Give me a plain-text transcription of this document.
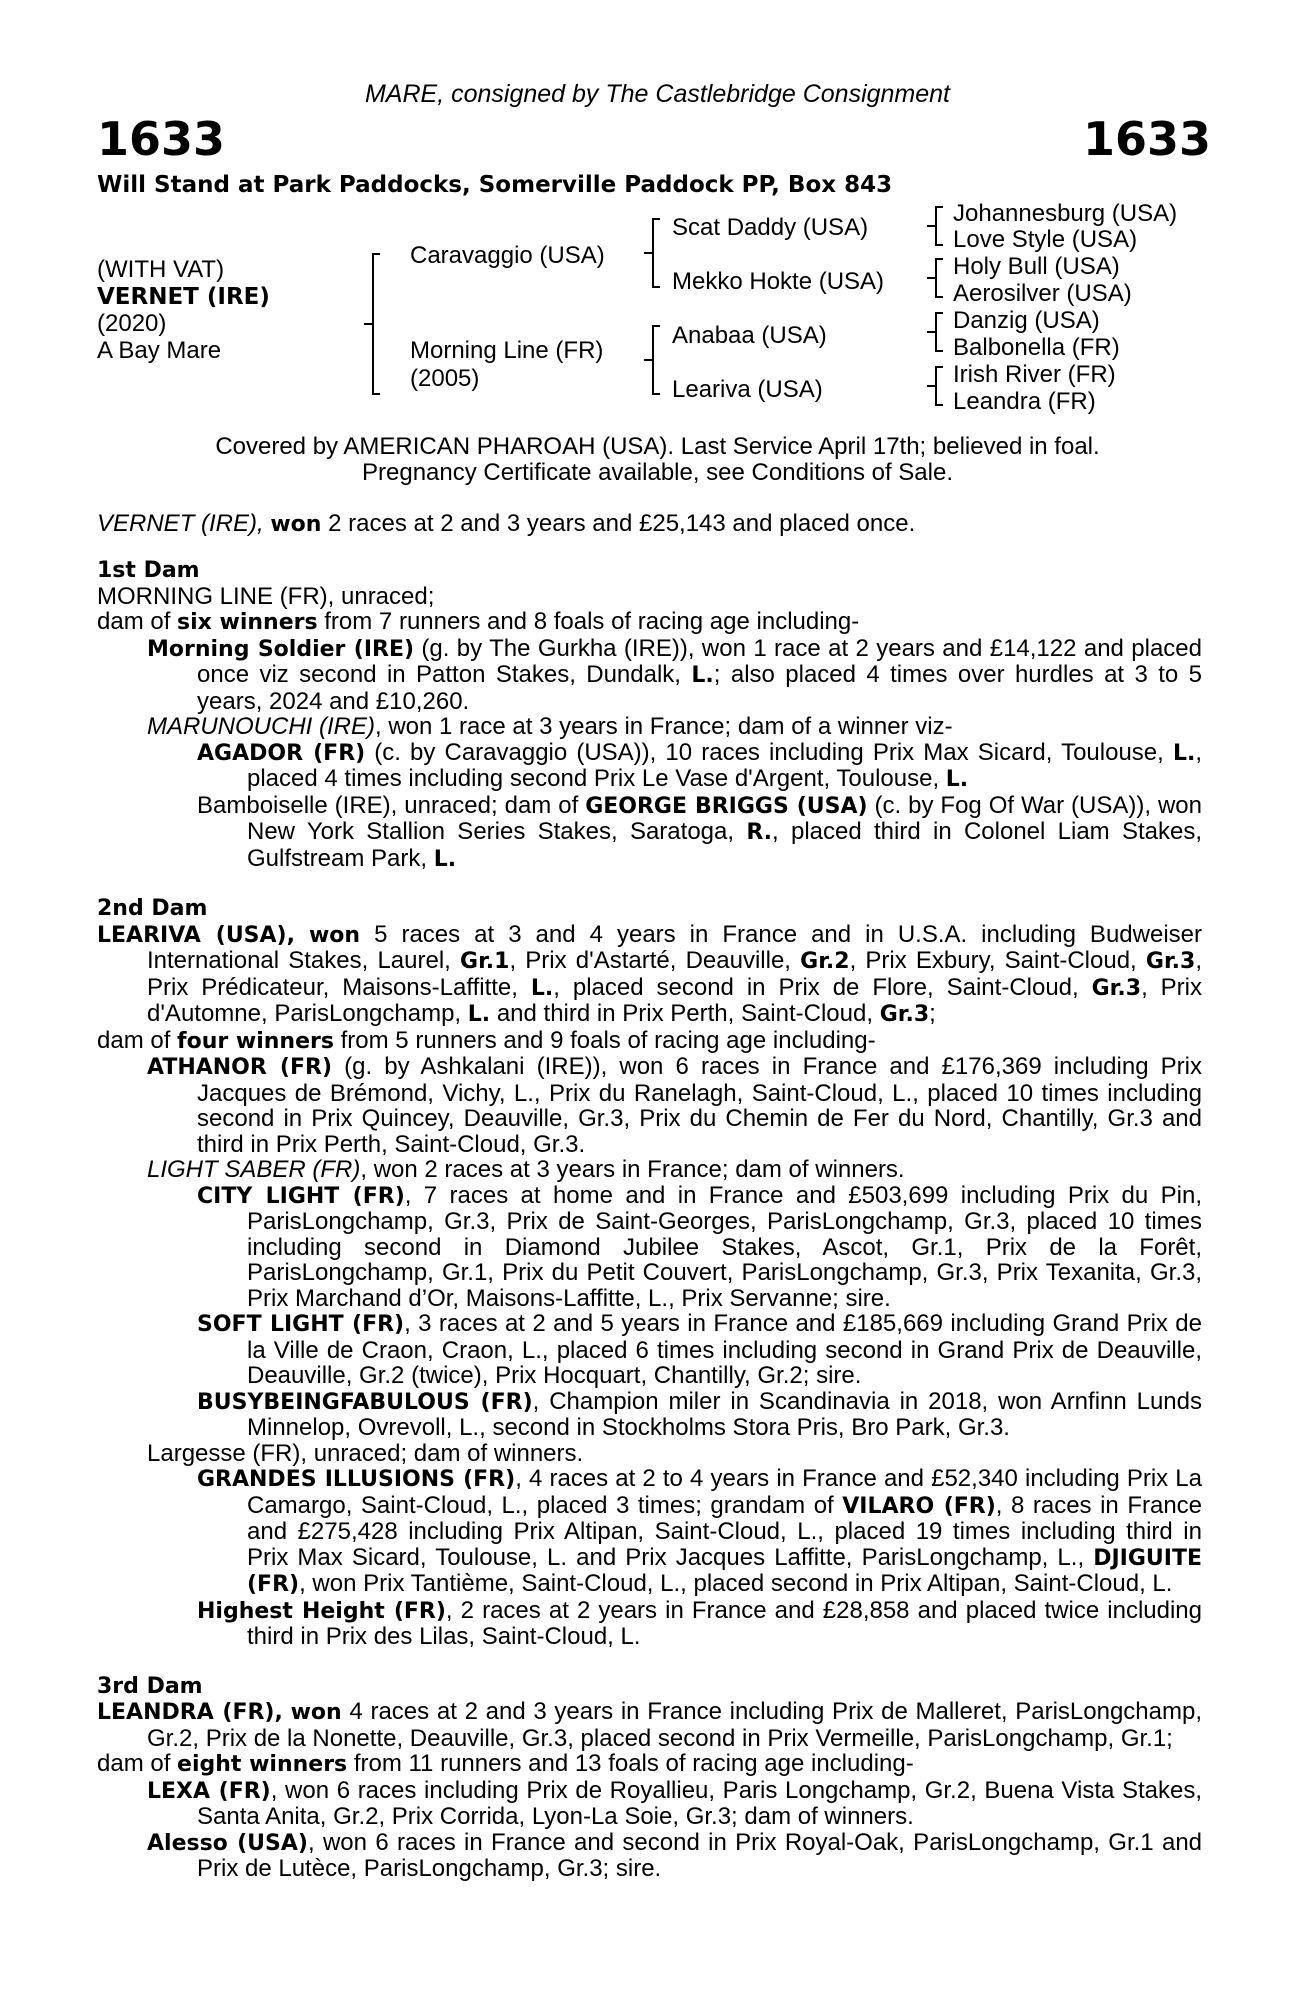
MARE, consigned by The Castlebridge Consignment
1633	1633
Will Stand at Park Paddocks, Somerville Paddock PP, Box 843
(WITH VAT)
VERNET (IRE)
(2020)
A Bay Mare
Caravaggio (USA)
Morning Line (FR)
(2005)
Scat Daddy (USA)
Mekko Hokte (USA)
Anabaa (USA)
Leariva (USA)
Johannesburg (USA)
Love Style (USA)
Holy Bull (USA)
Aerosilver (USA)
Danzig (USA)
Balbonella (FR)
Irish River (FR)
Leandra (FR)
Covered by AMERICAN PHAROAH (USA). Last Service April 17th; believed in foal.
Pregnancy Certificate available, see Conditions of Sale.
VERNET (IRE), won 2 races at 2 and 3 years and £25,143 and placed once.

1st Dam

MORNING LINE (FR), unraced;

dam of six winners from 7 runners and 8 foals of racing age including-

Morning Soldier (IRE) (g. by The Gurkha (IRE)), won 1 race at 2 years and £14,122 and placed once viz second in Patton Stakes, Dundalk, L.; also placed 4 times over hurdles at 3 to 5 years, 2024 and £10,260.

MARUNOUCHI (IRE), won 1 race at 3 years in France; dam of a winner viz-

AGADOR (FR) (c. by Caravaggio (USA)), 10 races including Prix Max Sicard, Toulouse, L., placed 4 times including second Prix Le Vase d'Argent, Toulouse, L.

Bamboiselle (IRE), unraced; dam of GEORGE BRIGGS (USA) (c. by Fog Of War (USA)), won New York Stallion Series Stakes, Saratoga, R., placed third in Colonel Liam Stakes, Gulfstream Park, L.

2nd Dam

LEARIVA (USA), won 5 races at 3 and 4 years in France and in U.S.A. including Budweiser International Stakes, Laurel, Gr.1, Prix d'Astarté, Deauville, Gr.2, Prix Exbury, Saint-Cloud, Gr.3, Prix Prédicateur, Maisons-Laffitte, L., placed second in Prix de Flore, Saint-Cloud, Gr.3, Prix d'Automne, ParisLongchamp, L. and third in Prix Perth, Saint-Cloud, Gr.3;

dam of four winners from 5 runners and 9 foals of racing age including-

ATHANOR (FR) (g. by Ashkalani (IRE)), won 6 races in France and £176,369 including Prix Jacques de Brémond, Vichy, L., Prix du Ranelagh, Saint-Cloud, L., placed 10 times including second in Prix Quincey, Deauville, Gr.3, Prix du Chemin de Fer du Nord, Chantilly, Gr.3 and third in Prix Perth, Saint-Cloud, Gr.3.

LIGHT SABER (FR), won 2 races at 3 years in France; dam of winners.

CITY LIGHT (FR), 7 races at home and in France and £503,699 including Prix du Pin, ParisLongchamp, Gr.3, Prix de Saint-Georges, ParisLongchamp, Gr.3, placed 10 times including second in Diamond Jubilee Stakes, Ascot, Gr.1, Prix de la Forêt, ParisLongchamp, Gr.1, Prix du Petit Couvert, ParisLongchamp, Gr.3, Prix Texanita, Gr.3, Prix Marchand d’Or, Maisons-Laffitte, L., Prix Servanne; sire.

SOFT LIGHT (FR), 3 races at 2 and 5 years in France and £185,669 including Grand Prix de la Ville de Craon, Craon, L., placed 6 times including second in Grand Prix de Deauville, Deauville, Gr.2 (twice), Prix Hocquart, Chantilly, Gr.2; sire.

BUSYBEINGFABULOUS (FR), Champion miler in Scandinavia in 2018, won Arnfinn Lunds Minnelop, Ovrevoll, L., second in Stockholms Stora Pris, Bro Park, Gr.3.

Largesse (FR), unraced; dam of winners.

GRANDES ILLUSIONS (FR), 4 races at 2 to 4 years in France and £52,340 including Prix La Camargo, Saint-Cloud, L., placed 3 times; grandam of VILARO (FR), 8 races in France and £275,428 including Prix Altipan, Saint-Cloud, L., placed 19 times including third in Prix Max Sicard, Toulouse, L. and Prix Jacques Laffitte, ParisLongchamp, L., DJIGUITE (FR), won Prix Tantième, Saint-Cloud, L., placed second in Prix Altipan, Saint-Cloud, L.

Highest Height (FR), 2 races at 2 years in France and £28,858 and placed twice including third in Prix des Lilas, Saint-Cloud, L.

3rd Dam

LEANDRA (FR), won 4 races at 2 and 3 years in France including Prix de Malleret, ParisLongchamp, Gr.2, Prix de la Nonette, Deauville, Gr.3, placed second in Prix Vermeille, ParisLongchamp, Gr.1;

dam of eight winners from 11 runners and 13 foals of racing age including-

LEXA (FR), won 6 races including Prix de Royallieu, Paris Longchamp, Gr.2, Buena Vista Stakes, Santa Anita, Gr.2, Prix Corrida, Lyon-La Soie, Gr.3; dam of winners.

Alesso (USA), won 6 races in France and second in Prix Royal-Oak, ParisLongchamp, Gr.1 and Prix de Lutèce, ParisLongchamp, Gr.3; sire.
